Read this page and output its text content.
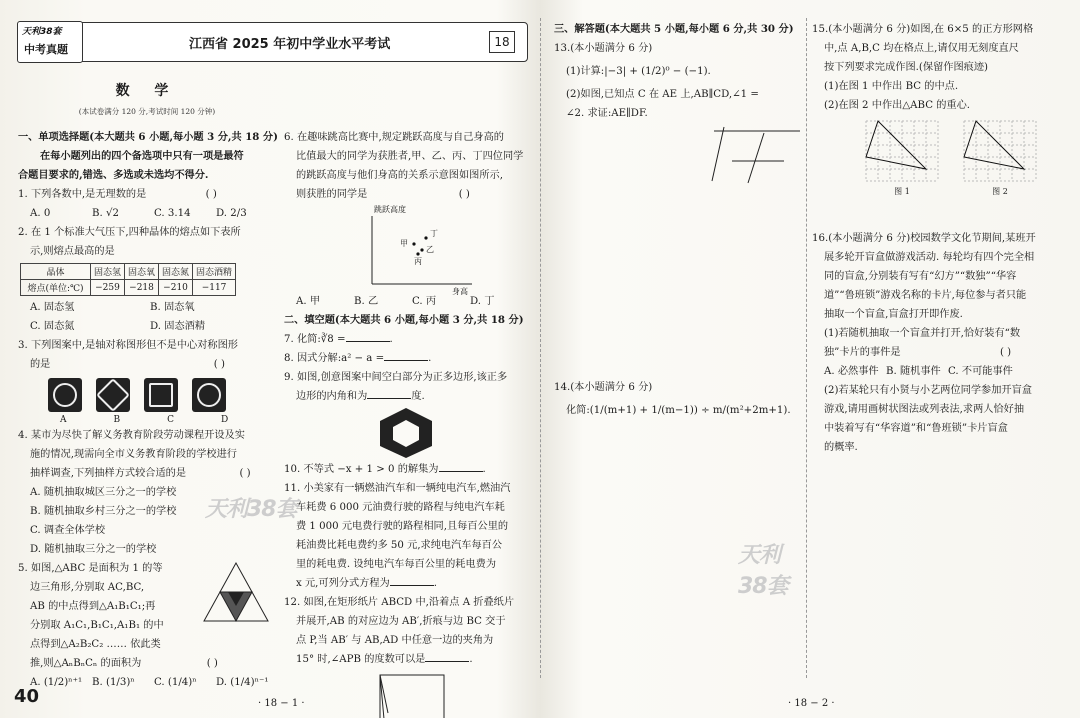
天利38套
中考真题	江西省 2025 年初中学业水平考试	18
数 学
(本试卷满分 120 分,考试时间 120 分钟)

一、单项选择题(本大题共 6 小题,每小题 3 分,共 18 分)

在每小题列出的四个备选项中只有一项是最符

合题目要求的,错选、多选或未选均不得分.

1. 下列各数中,是无理数的是	( )

A. 0	B. √2	C. 3.14 D. 2/3

2. 在 1 个标准大气压下,四种晶体的熔点如下表所

示,则熔点最高的是

晶体	固态氢	固态氧	固态氮	固态酒精
熔点(单位:℃)	−259	−218	−210	−117

A. 固态氢	B. 固态氧

C. 固态氮	D. 固态酒精

3. 下列图案中,是轴对称图形但不是中心对称图形

的是	( )

A	B	C	D

4. 某市为尽快了解义务教育阶段劳动课程开设及实

施的情况,现需向全市义务教育阶段的学校进行

抽样调查,下列抽样方式较合适的是	( )

A. 随机抽取城区三分之一的学校

B. 随机抽取乡村三分之一的学校

C. 调查全体学校

D. 随机抽取三分之一的学校

5. 如图,△ABC 是面积为 1 的等

边三角形,分别取 AC,BC,

AB 的中点得到△A₁B₁C₁;再

分别取 A₁C₁,B₁C₁,A₁B₁ 的中

点得到△A₂B₂C₂ …… 依此类

推,则△AₙBₙCₙ 的面积为	( )

A. (1/2)ⁿ⁺¹ B. (1/3)ⁿ C. (1/4)ⁿ D. (1/4)ⁿ⁻¹

40

6. 在趣味跳高比赛中,规定跳跃高度与自己身高的

比值最大的同学为获胜者,甲、乙、丙、丁四位同学

的跳跃高度与他们身高的关系示意图如图所示,

则获胜的同学是	( )

跳跃高度
身高
甲
乙
丙
丁

A. 甲	B. 乙	C. 丙	D. 丁

二、填空题(本大题共 6 小题,每小题 3 分,共 18 分)

7. 化简:∛8 =	.

8. 因式分解:a² − a =	.

9. 如图,创意图案中间空白部分为正多边形,该正多

边形的内角和为	度.

10. 不等式 −x + 1 > 0 的解集为	.

11. 小美家有一辆燃油汽车和一辆纯电汽车,燃油汽

车耗费 6 000 元油费行驶的路程与纯电汽车耗

费 1 000 元电费行驶的路程相同,且每百公里的

耗油费比耗电费约多 50 元,求纯电汽车每百公

里的耗电费. 设纯电汽车每百公里的耗电费为

x 元,可列分式方程为	.

12. 如图,在矩形纸片 ABCD 中,沿着点 A 折叠纸片

并展开,AB 的对应边为 AB′,折痕与边 BC 交于

点 P,当 AB′ 与 AB,AD 中任意一边的夹角为

15° 时,∠APB 的度数可以是	.

三、解答题(本大题共 5 小题,每小题 6 分,共 30 分)

13.(本小题满分 6 分)

(1)计算:|−3| + (1/2)⁰ − (−1).

(2)如图,已知点 C 在 AE 上,AB∥CD,∠1 =

∠2. 求证:AE∥DF.

14.(本小题满分 6 分)

化简:(1/(m+1) + 1/(m−1)) ÷ m/(m²+2m+1).

天利38套

15.(本小题满分 6 分)如图,在 6×5 的正方形网格

中,点 A,B,C 均在格点上,请仅用无刻度直尺

按下列要求完成作图.(保留作图痕迹)

(1)在图 1 中作出 BC 的中点.

(2)在图 2 中作出△ABC 的重心.

图 1	图 2

16.(本小题满分 6 分)校园数学文化节期间,某班开

展多轮开盲盒做游戏活动. 每轮均有四个完全相

同的盲盒,分别装有写有“幻方”“数独”“华容

道”“鲁班锁”游戏名称的卡片,每位参与者只能

抽取一个盲盒,盲盒打开即作废.

(1)若随机抽取一个盲盒并打开,恰好装有“数

独”卡片的事件是	( )

A. 必然事件 B. 随机事件 C. 不可能事件

(2)若某轮只有小贤与小艺两位同学参加开盲盒

游戏,请用画树状图法或列表法,求两人恰好抽

中装着写有“华容道”和“鲁班锁”卡片盲盒

的概率.

天利38套
· 18 − 1 ·	· 18 − 2 ·
